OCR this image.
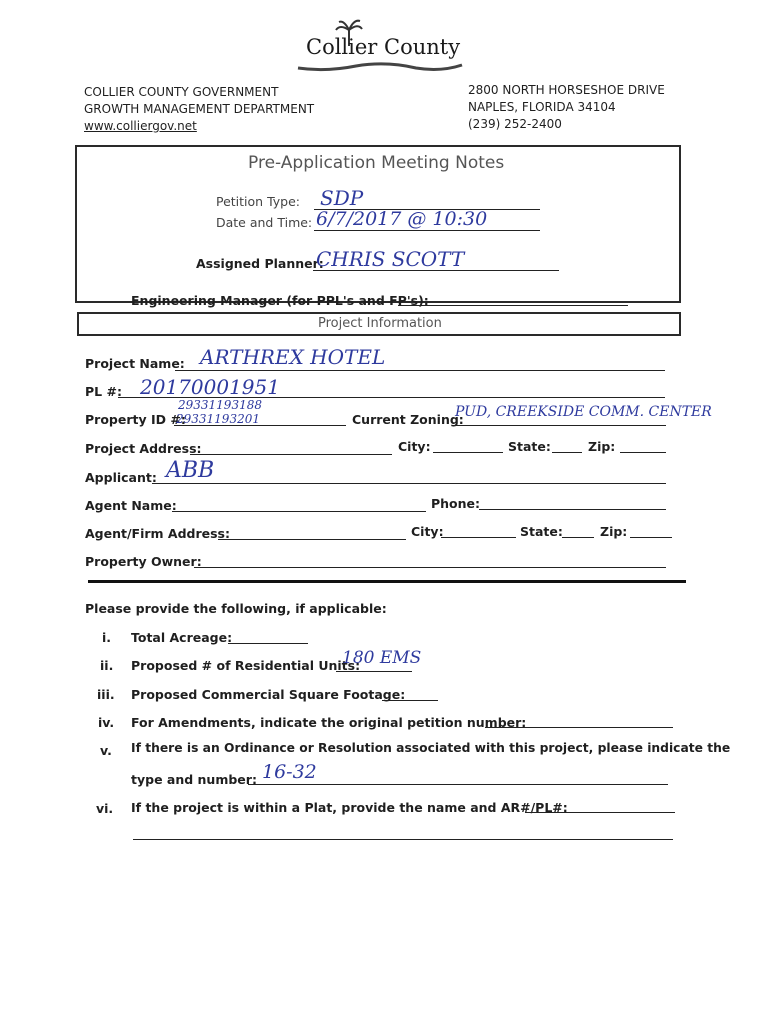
Collier County
COLLIER COUNTY GOVERNMENT
GROWTH MANAGEMENT DEPARTMENT
www.colliergov.net
2800 NORTH HORSESHOE DRIVE
NAPLES, FLORIDA 34104
(239) 252-2400
Pre-Application Meeting Notes
Petition Type: SDP
Date and Time: 6/7/2017 @ 10:30
Assigned Planner:
CHRIS SCOTT
Engineering Manager (for PPL's and FP's):
Project Information
Project Name: ARTHREX HOTEL
PL #: 20170001951
Property ID #:
29331193188
29331193201	Current Zoning:
PUD, CREEKSIDE COMM. CENTER
Project Address:	City:	State:	Zip:
Applicant: ABB
Agent Name:	Phone:
Agent/Firm Address:	City:	State:	Zip:
Property Owner:
Please provide the following, if applicable:
i. Total Acreage:
ii. Proposed # of Residential Units:
180 EMS
iii. Proposed Commercial Square Footage:
iv. For Amendments, indicate the original petition number:
v. If there is an Ordinance or Resolution associated with this project, please indicate the
type and number: 16-32
vi. If the project is within a Plat, provide the name and AR#/PL#:
